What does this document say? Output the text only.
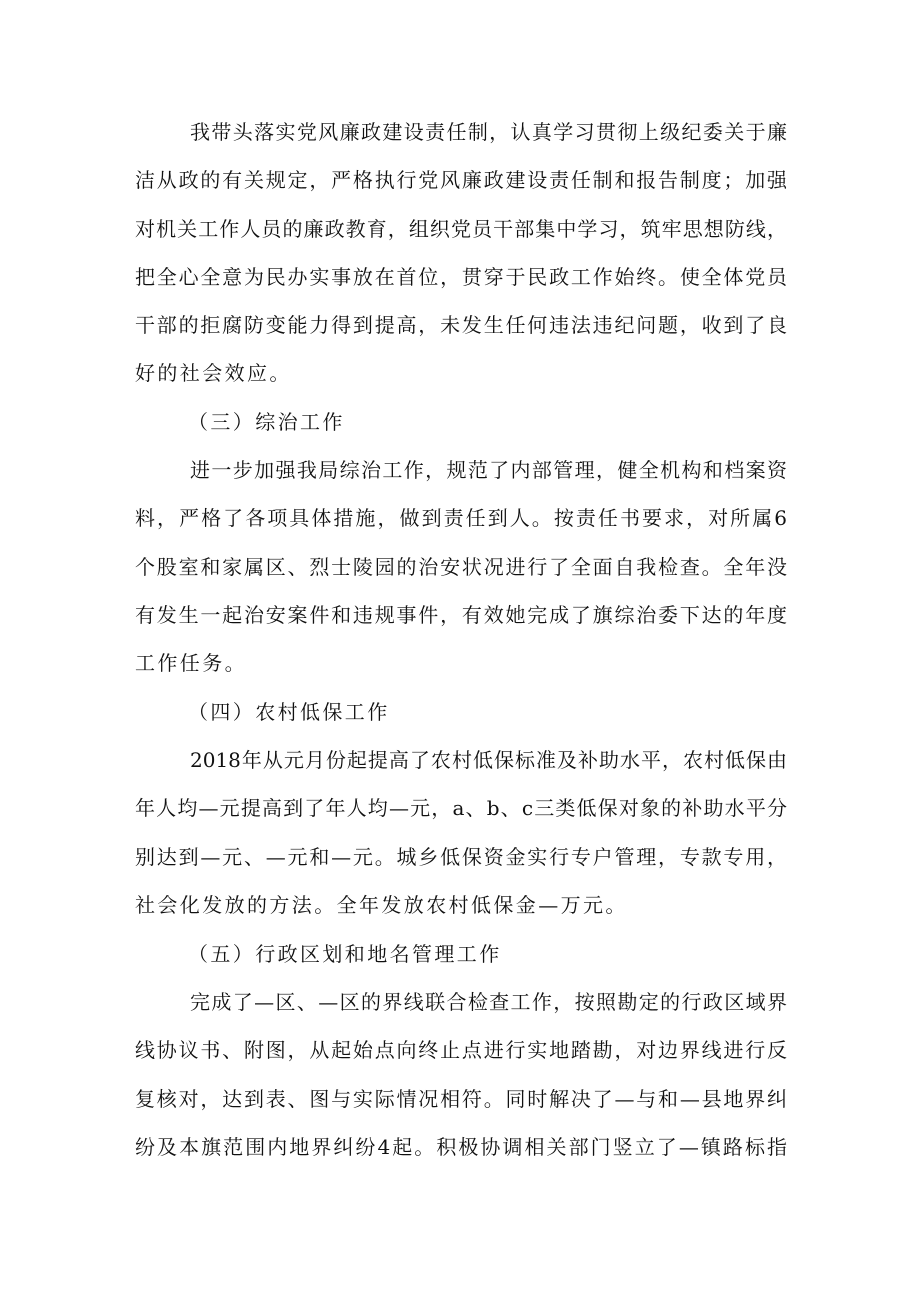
我带头落实党风廉政建设责任制，认真学习贯彻上级纪委关于廉
洁从政的有关规定，严格执行党风廉政建设责任制和报告制度；加强
对机关工作人员的廉政教育，组织党员干部集中学习，筑牢思想防线，
把全心全意为民办实事放在首位，贯穿于民政工作始终。使全体党员
干部的拒腐防变能力得到提高，未发生任何违法违纪问题，收到了良
好的社会效应。
（三）综治工作
进一步加强我局综治工作，规范了内部管理，健全机构和档案资
料，严格了各项具体措施，做到责任到人。按责任书要求，对所属6
个股室和家属区、烈士陵园的治安状况进行了全面自我检查。全年没
有发生一起治安案件和违规事件，有效她完成了旗综治委下达的年度
工作任务。
（四）农村低保工作
2018年从元月份起提高了农村低保标准及补助水平，农村低保由
年人均—元提高到了年人均—元，a、b、c三类低保对象的补助水平分
别达到—元、—元和—元。城乡低保资金实行专户管理，专款专用，
社会化发放的方法。全年发放农村低保金—万元。
（五）行政区划和地名管理工作
完成了—区、—区的界线联合检查工作，按照勘定的行政区域界
线协议书、附图，从起始点向终止点进行实地踏勘，对边界线进行反
复核对，达到表、图与实际情况相符。同时解决了—与和—县地界纠
纷及本旗范围内地界纠纷4起。积极协调相关部门竖立了—镇路标指
